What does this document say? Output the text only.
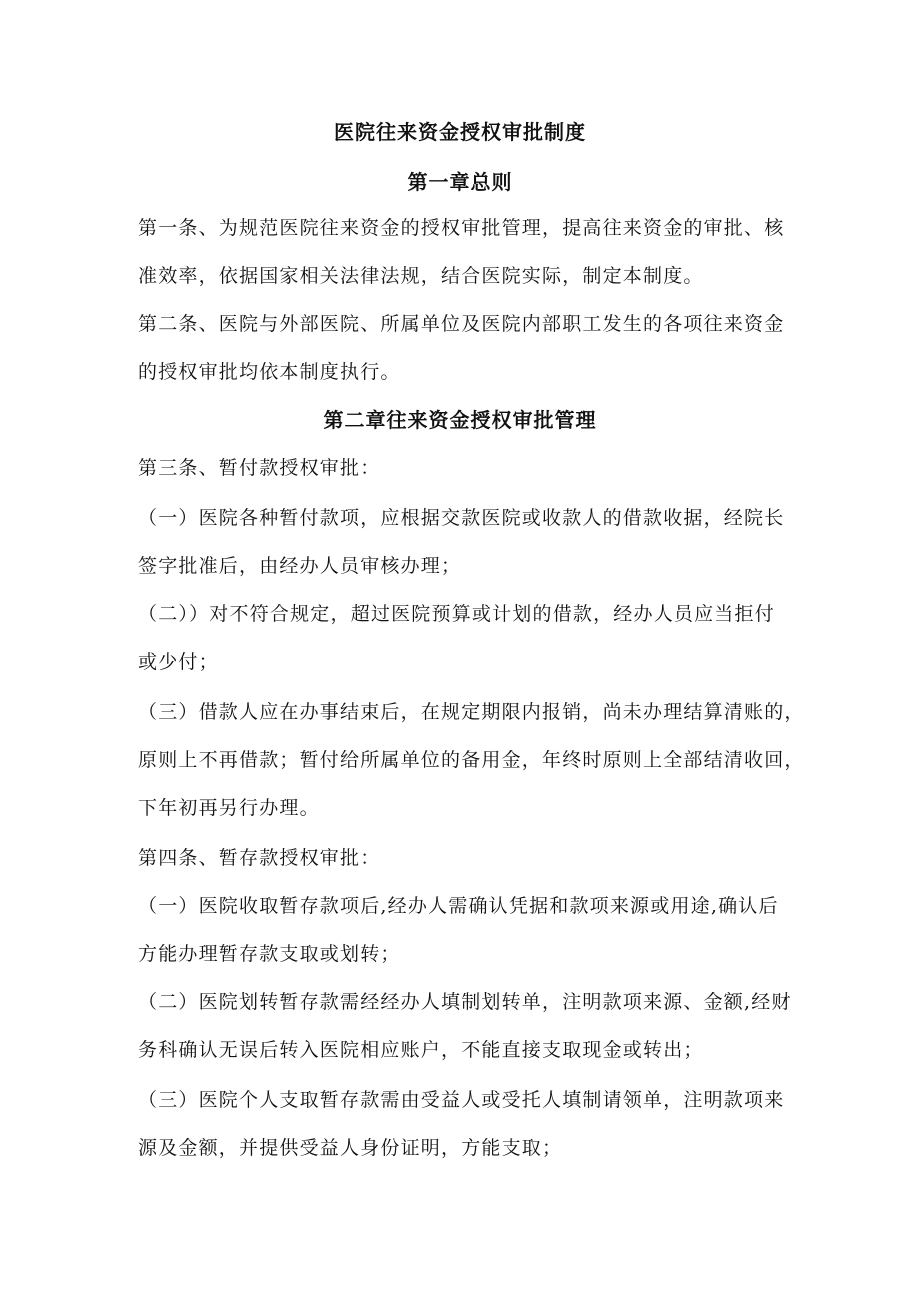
医院往来资金授权审批制度
第一章总则
第一条、为规范医院往来资金的授权审批管理，提高往来资金的审批、核
准效率，依据国家相关法律法规，结合医院实际，制定本制度。
第二条、医院与外部医院、所属单位及医院内部职工发生的各项往来资金
的授权审批均依本制度执行。
第二章往来资金授权审批管理
第三条、暂付款授权审批：
（一）医院各种暂付款项，应根据交款医院或收款人的借款收据，经院长
签字批准后，由经办人员审核办理；
（二））对不符合规定，超过医院预算或计划的借款，经办人员应当拒付
或少付；
（三）借款人应在办事结束后，在规定期限内报销，尚未办理结算清账的，
原则上不再借款；暂付给所属单位的备用金，年终时原则上全部结清收回，
下年初再另行办理。
第四条、暂存款授权审批：
（一）医院收取暂存款项后,经办人需确认凭据和款项来源或用途,确认后
方能办理暂存款支取或划转；
（二）医院划转暂存款需经经办人填制划转单，注明款项来源、金额,经财
务科确认无误后转入医院相应账户，不能直接支取现金或转出；
（三）医院个人支取暂存款需由受益人或受托人填制请领单，注明款项来
源及金额，并提供受益人身份证明，方能支取；
